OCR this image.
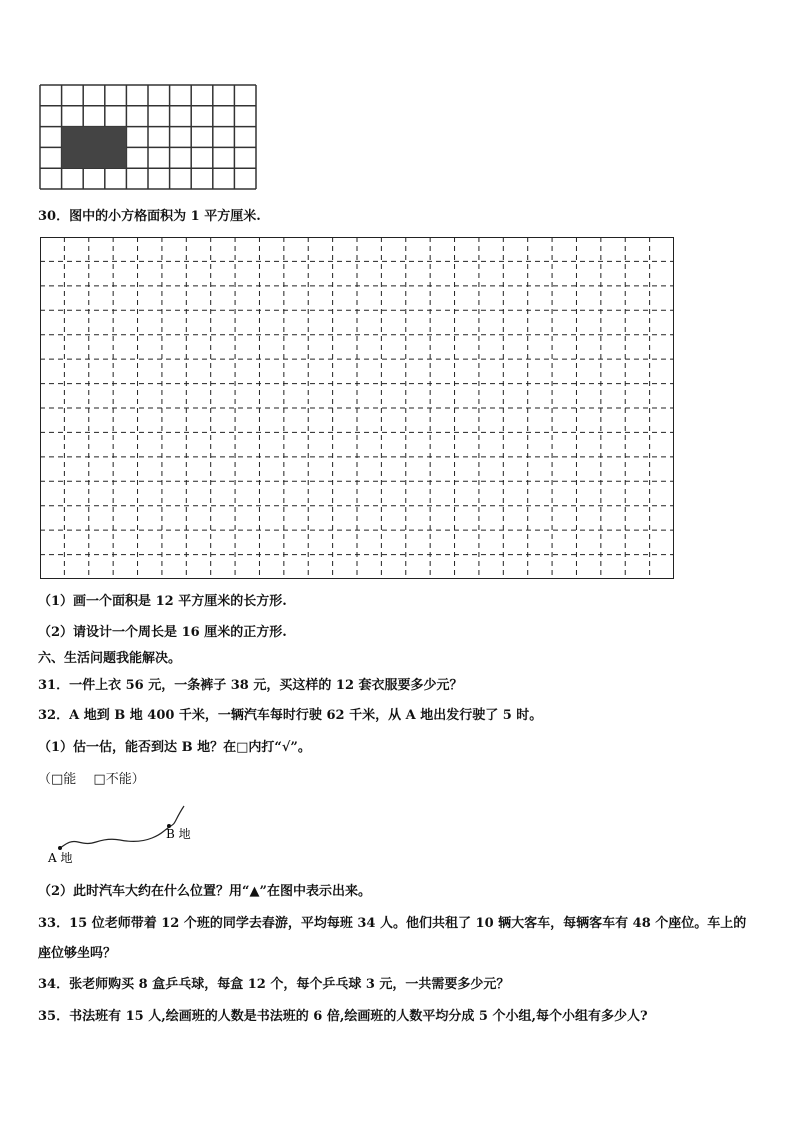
30．图中的小方格面积为 1 平方厘米.
（1）画一个面积是 12 平方厘米的长方形.
（2）请设计一个周长是 16 厘米的正方形.
六、生活问题我能解决。
31．一件上衣 56 元，一条裤子 38 元，买这样的 12 套衣服要多少元？
32．A 地到 B 地 400 千米，一辆汽车每时行驶 62 千米，从 A 地出发行驶了 5 时。
（1）估一估，能否到达 B 地？在□内打“√”。
（□能　 □不能）
A 地
B 地
（2）此时汽车大约在什么位置？用“▲”在图中表示出来。
33．15 位老师带着 12 个班的同学去春游，平均每班 34 人。他们共租了 10 辆大客车，每辆客车有 48 个座位。车上的座位够坐吗？
34．张老师购买 8 盒乒乓球，每盒 12 个，每个乒乓球 3 元，一共需要多少元？
35．书法班有 15 人,绘画班的人数是书法班的 6 倍,绘画班的人数平均分成 5 个小组,每个小组有多少人?
